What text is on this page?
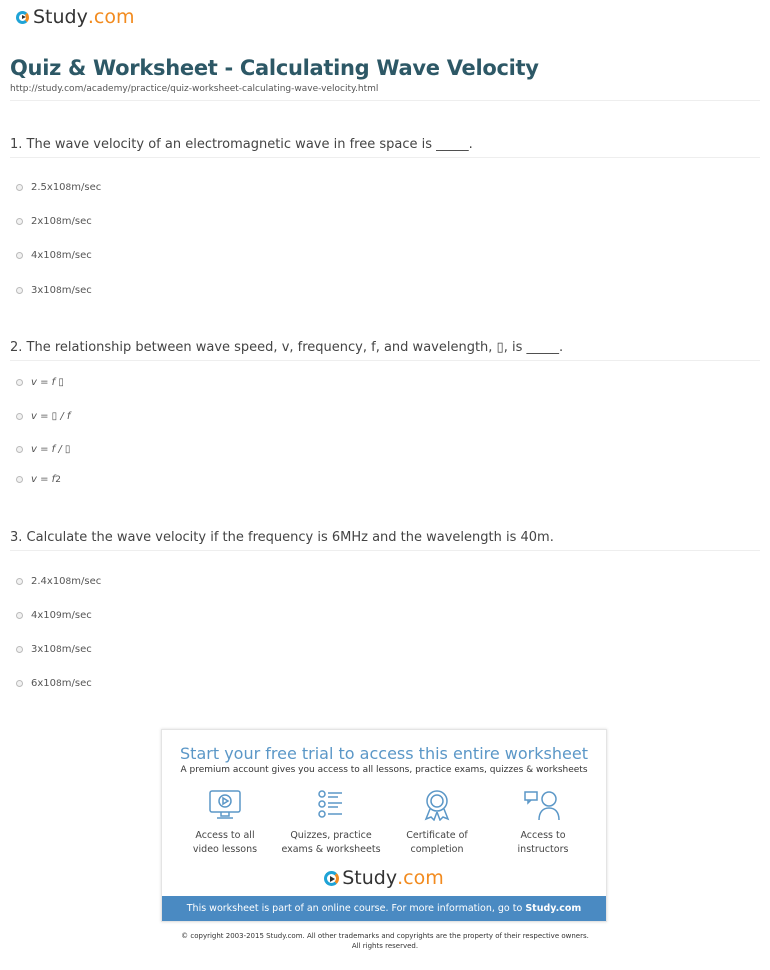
Study .com
Quiz & Worksheet - Calculating Wave Velocity
http://study.com/academy/practice/quiz-worksheet-calculating-wave-velocity.html
1. The wave velocity of an electromagnetic wave in free space is _____.
2.5x10 8 m/sec
2x10 8 m/sec
4x10 8 m/sec
3x10 8 m/sec
2. The relationship between wave speed, v, frequency, f, and wavelength, ▯, is _____.
v = f ▯
v = ▯ / f
v = f / ▯
v = f 2
3. Calculate the wave velocity if the frequency is 6MHz and the wavelength is 40m.
2.4x10 8 m/sec
4x10 9 m/sec
3x10 8 m/sec
6x10 8 m/sec
Start your free trial to access this entire worksheet
A premium account gives you access to all lessons, practice exams, quizzes & worksheets
Access to all
video lessons
Quizzes, practice
exams & worksheets
Certificate of
completion
Access to
instructors
Study .com
This worksheet is part of an online course. For more information, go to Study.com
© copyright 2003-2015 Study.com. All other trademarks and copyrights are the property of their respective owners.
All rights reserved.
